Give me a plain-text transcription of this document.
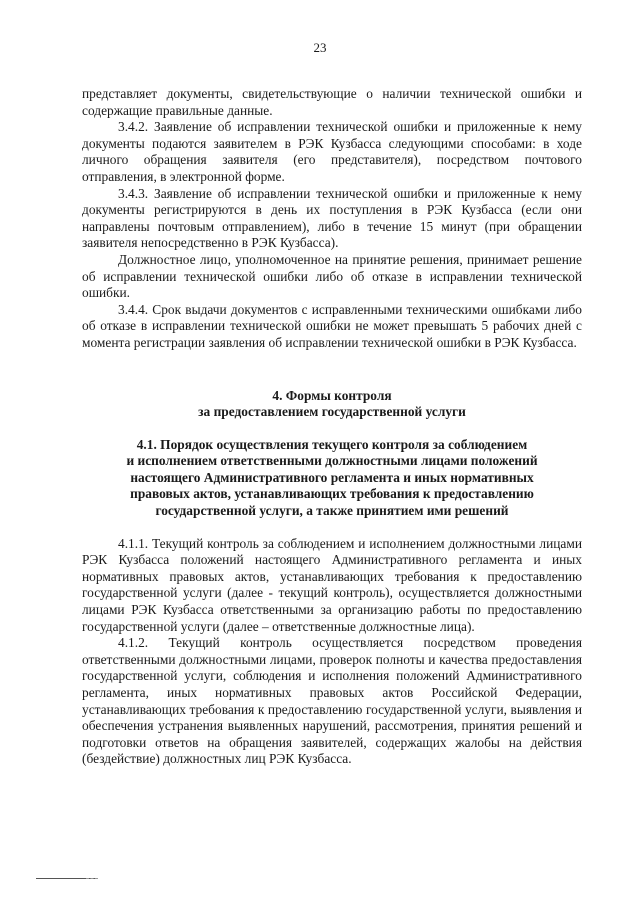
23

представляет документы, свидетельствующие о наличии технической ошибки и содержащие правильные данные.

3.4.2. Заявление об исправлении технической ошибки и приложенные к нему документы подаются заявителем в РЭК Кузбасса следующими способами: в ходе личного обращения заявителя (его представителя), посредством почтового отправления, в электронной форме.

3.4.3. Заявление об исправлении технической ошибки и приложенные к нему документы регистрируются в день их поступления в РЭК Кузбасса (если они направлены почтовым отправлением), либо в течение 15 минут (при обращении заявителя непосредственно в РЭК Кузбасса).

Должностное лицо, уполномоченное на принятие решения, принимает решение об исправлении технической ошибки либо об отказе в исправлении технической ошибки.

3.4.4. Срок выдачи документов с исправленными техническими ошибками либо об отказе в исправлении технической ошибки не может превышать 5 рабочих дней с момента регистрации заявления об исправлении технической ошибки в РЭК Кузбасса.

4. Формы контроля
за предоставлением государственной услуги
4.1. Порядок осуществления текущего контроля за соблюдением
и исполнением ответственными должностными лицами положений
настоящего Административного регламента и иных нормативных
правовых актов, устанавливающих требования к предоставлению
государственной услуги, а также принятием ими решений

4.1.1. Текущий контроль за соблюдением и исполнением должностными лицами РЭК Кузбасса положений настоящего Административного регламента и иных нормативных правовых актов, устанавливающих требования к предоставлению государственной услуги (далее - текущий контроль), осуществляется должностными лицами РЭК Кузбасса ответственными за организацию работы по предоставлению государственной услуги (далее – ответственные должностные лица).

4.1.2. Текущий контроль осуществляется посредством проведения ответственными должностными лицами, проверок полноты и качества предоставления государственной услуги, соблюдения и исполнения положений Административного регламента, иных нормативных правовых актов Российской Федерации, устанавливающих требования к предоставлению государственной услуги, выявления и обеспечения устранения выявленных нарушений, рассмотрения, принятия решений и подготовки ответов на обращения заявителей, содержащих жалобы на действия (бездействие) должностных лиц РЭК Кузбасса.
